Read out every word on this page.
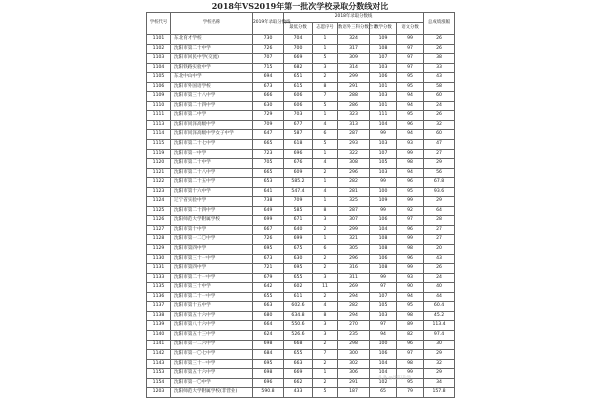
2018年VS2019年第一批次学校录取分数线对比
学校代号	学校名称	2019年录取分数线	2018年录取分数线					总成绩涨幅
			最低分数	志愿序号	数语外三科分数合计	数学分数	语文分数	
1101	东北育才学校	730	704	1	324	109	99	26
1102	沈阳市第二十中学	726	700	1	317	108	97	26
1103	沈阳市回民中学(交流)	707	669	5	309	107	97	38
1104	沈阳铁路实验中学	715	682	3	314	103	97	33
1105	东北中山中学	694	651	2	299	106	95	43
1106	沈阳市外国语学校	673	615	8	291	101	95	58
1109	沈阳市第三十八中学	666	606	7	288	103	94	60
1110	沈阳市第二十四中学	630	606	5	286	101	94	24
1111	沈阳市第二中学	729	703	1	323	111	95	26
1113	沈阳市同泽高级中学	709	677	4	313	104	96	32
1114	沈阳市同泽高级中学女子中学	647	587	6	287	99	94	60
1115	沈阳市第二十七中学	665	618	5	293	103	93	47
1119	沈阳市第一中学	723	696	1	322	107	99	27
1120	沈阳市第二十中学	705	676	4	308	105	98	29
1121	沈阳市第二十八中学	665	609	2	296	103	94	56
1122	沈阳市第二十五中学	653	585.2	1	282	99	96	67.8
1123	沈阳市第十六中学	641	547.4	4	281	100	95	93.6
1124	辽宁省实验中学	738	709	1	325	109	99	29
1125	沈阳市第二十四中学	649	585	8	287	99	92	64
1126	沈阳师范大学附属学校	699	671	3	307	106	97	28
1127	沈阳市第十中学	667	640	2	299	104	96	27
1128	沈阳市第一二〇中学	726	699	1	321	108	99	27
1129	沈阳市第四中学	695	675	6	305	108	98	20
1130	沈阳市第三十一中学	673	630	2	296	106	96	43
1131	沈阳市第四中学	721	695	2	316	108	99	26
1133	沈阳市第二十一中学	679	655	3	311	99	93	24
1135	沈阳市第三十中学	642	602	11	269	97	90	40
1136	沈阳市第二十一中学	655	611	2	294	107	94	44
1137	沈阳市第十五中学	663	602.6	4	282	105	95	60.4
1138	沈阳市第五十六中学	680	634.8	8	294	103	98	45.2
1139	沈阳市第八十六中学	664	550.6	3	270	97	89	113.4
1140	沈阳市第五十三中学	624	526.6	3	235	94	82	97.4
1141	沈阳市第一二六中学	698	668	2	298	100	96	30
1142	沈阳市第一〇七中学	684	655	7	300	106	97	29
1143	沈阳市第三十一中学	695	663	2	302	104	98	32
1153	沈阳市第五十六中学	698	669	1	306	104	99	29
1154	沈阳市第一〇中学	696	662	2	291	102	95	34
1203	沈阳师范大学附属学校(非营业)	590.8	433	5	187	65	79	157.8
头条 @沈阳升学
